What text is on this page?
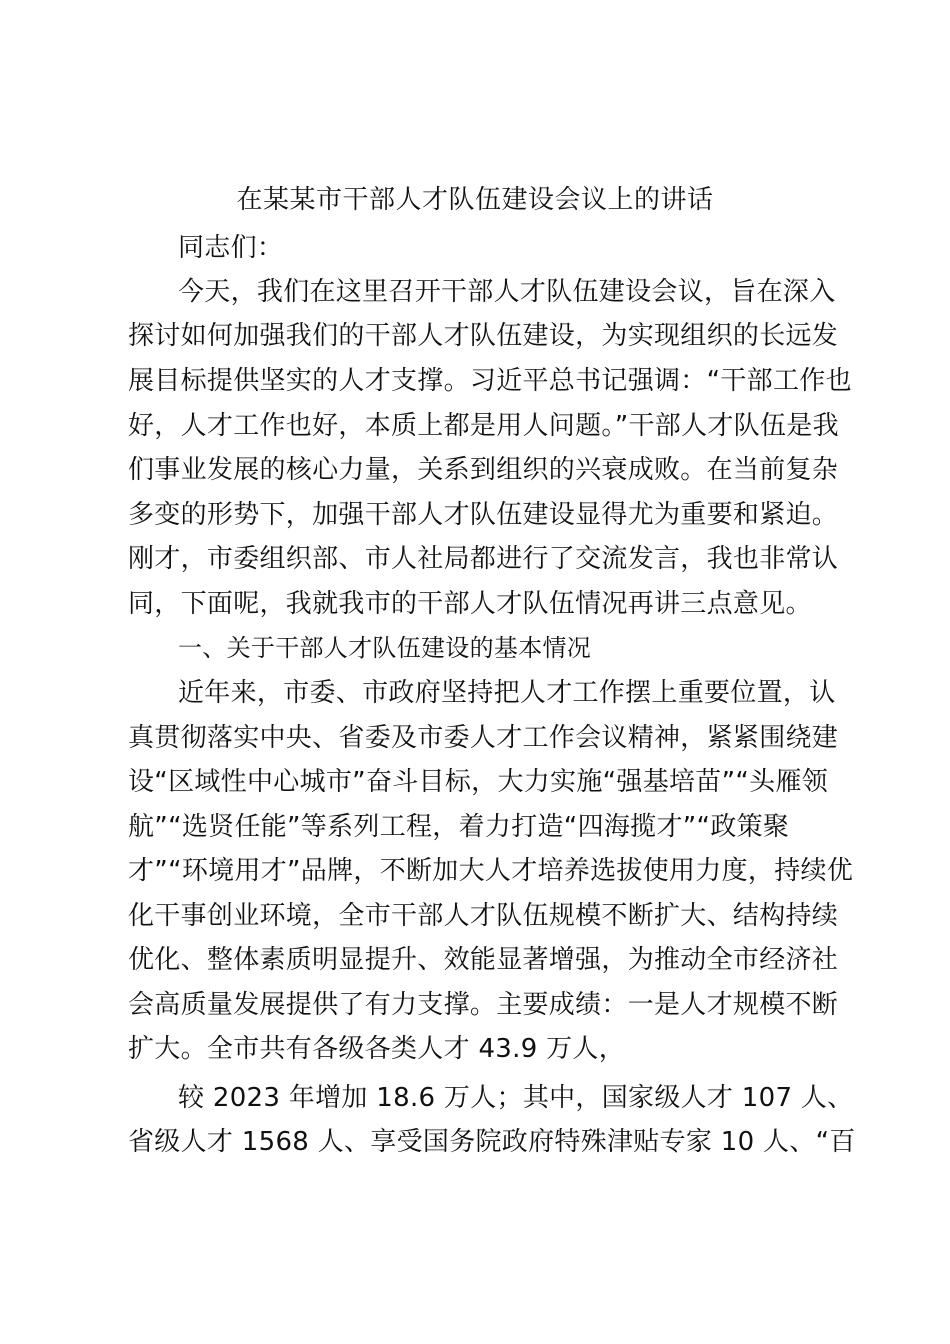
在某某市干部人才队伍建设会议上的讲话
同志们：
今天，我们在这里召开干部人才队伍建设会议，旨在深入
探讨如何加强我们的干部人才队伍建设，为实现组织的长远发
展目标提供坚实的人才支撑。习近平总书记强调：“干部工作也
好，人才工作也好，本质上都是用人问题。”干部人才队伍是我
们事业发展的核心力量，关系到组织的兴衰成败。在当前复杂
多变的形势下，加强干部人才队伍建设显得尤为重要和紧迫。
刚才，市委组织部、市人社局都进行了交流发言，我也非常认
同，下面呢，我就我市的干部人才队伍情况再讲三点意见。
一、关于干部人才队伍建设的基本情况
近年来，市委、市政府坚持把人才工作摆上重要位置，认
真贯彻落实中央、省委及市委人才工作会议精神，紧紧围绕建
设“区域性中心城市”奋斗目标，大力实施“强基培苗”“头雁领
航”“选贤任能”等系列工程，着力打造“四海揽才”“政策聚
才”“环境用才”品牌，不断加大人才培养选拔使用力度，持续优
化干事创业环境，全市干部人才队伍规模不断扩大、结构持续
优化、整体素质明显提升、效能显著增强，为推动全市经济社
会高质量发展提供了有力支撑。主要成绩：一是人才规模不断
扩大。全市共有各级各类人才 43.9 万人，
较 2023 年增加 18.6 万人；其中，国家级人才 107 人、
省级人才 1568 人、享受国务院政府特殊津贴专家 10 人、“百
